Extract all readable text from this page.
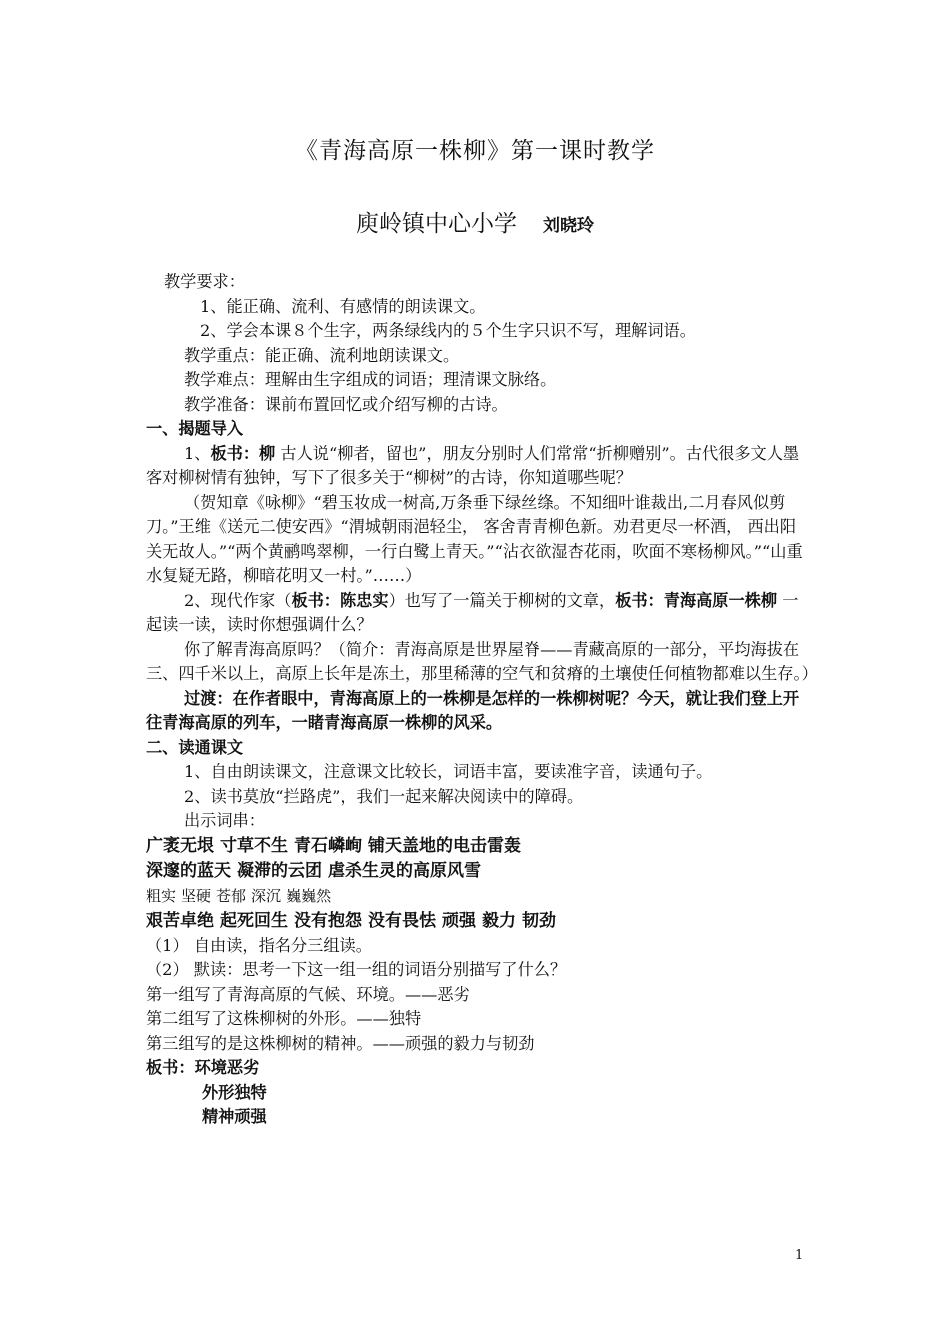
《青海高原一株柳》第一课时教学
庾岭镇中心小学 刘晓玲

教学要求：

1、能正确、流利、有感情的朗读课文。

2、学会本课８个生字，两条绿线内的５个生字只识不写，理解词语。

教学重点：能正确、流利地朗读课文。

教学难点：理解由生字组成的词语；理清课文脉络。

教学准备：课前布置回忆或介绍写柳的古诗。

一、揭题导入

1、板书：柳 古人说“柳者，留也”，朋友分别时人们常常“折柳赠别”。古代很多文人墨客对柳树情有独钟，写下了很多关于“柳树”的古诗，你知道哪些呢？

（贺知章《咏柳》“碧玉妆成一树高,万条垂下绿丝绦。不知细叶谁裁出,二月春风似剪刀。”王维《送元二使安西》“渭城朝雨浥轻尘， 客舍青青柳色新。劝君更尽一杯酒， 西出阳关无故人。”“两个黄鹂鸣翠柳，一行白鹭上青天。”“沾衣欲湿杏花雨，吹面不寒杨柳风。”“山重水复疑无路，柳暗花明又一村。”……）

2、现代作家（板书：陈忠实）也写了一篇关于柳树的文章，板书：青海高原一株柳 一起读一读，读时你想强调什么？

你了解青海高原吗？（简介：青海高原是世界屋脊——青藏高原的一部分，平均海拔在三、四千米以上，高原上长年是冻土，那里稀薄的空气和贫瘠的土壤使任何植物都难以生存。）

过渡：在作者眼中，青海高原上的一株柳是怎样的一株柳树呢？今天，就让我们登上开往青海高原的列车，一睹青海高原一株柳的风采。

二、读通课文

1、自由朗读课文，注意课文比较长，词语丰富，要读准字音，读通句子。

2、读书莫放“拦路虎”，我们一起来解决阅读中的障碍。

出示词串：

广袤无垠 寸草不生 青石嶙峋 铺天盖地的电击雷轰

深邃的蓝天 凝滞的云团 虐杀生灵的高原风雪

粗实 坚硬 苍郁 深沉 巍巍然

艰苦卓绝 起死回生 没有抱怨 没有畏怯 顽强 毅力 韧劲

（1） 自由读，指名分三组读。

（2） 默读：思考一下这一组一组的词语分别描写了什么？

第一组写了青海高原的气候、环境。——恶劣

第二组写了这株柳树的外形。——独特

第三组写的是这株柳树的精神。——顽强的毅力与韧劲

板书：环境恶劣

外形独特

精神顽强

1
